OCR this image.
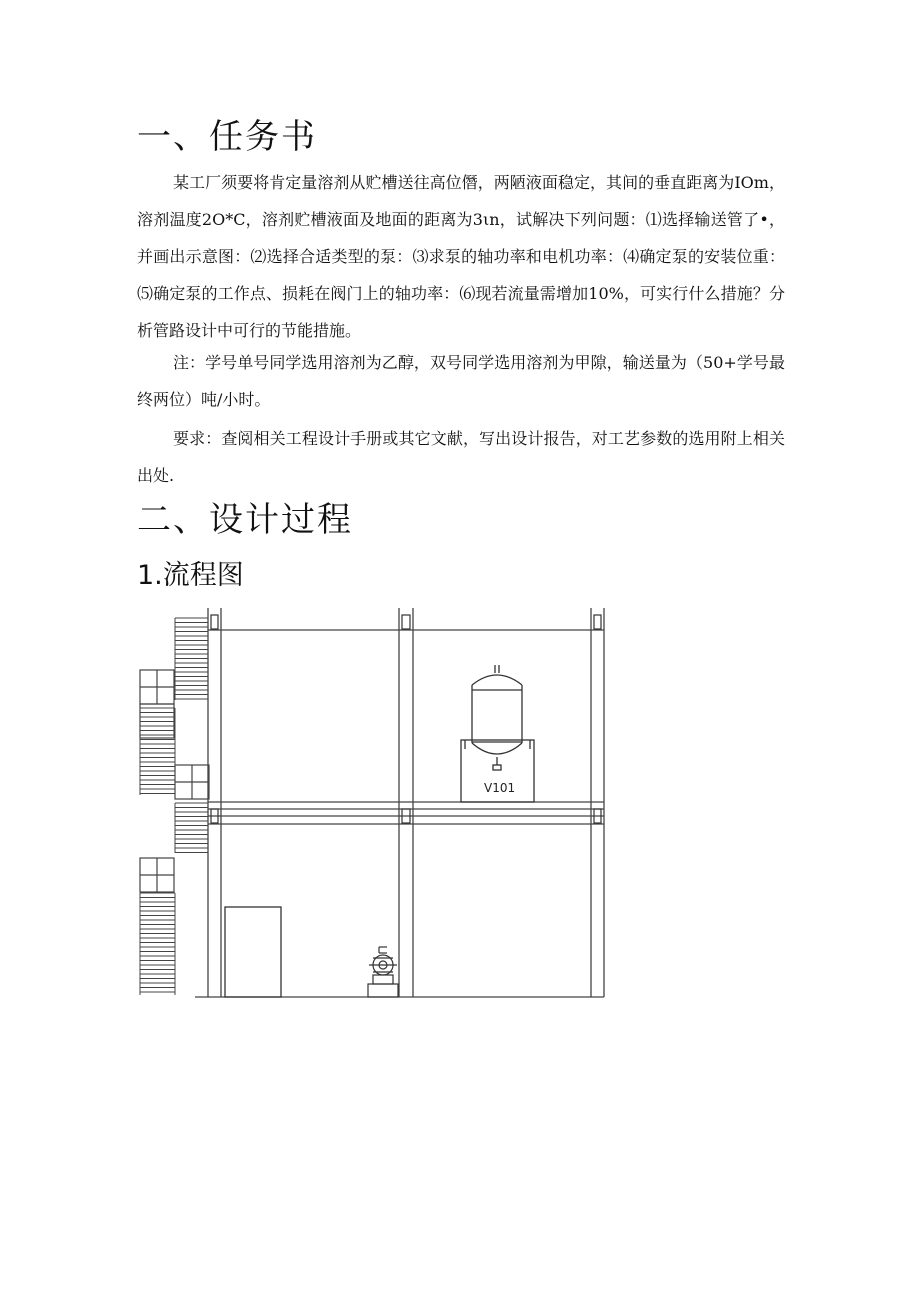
一、任务书

某工厂须要将肯定量溶剂从贮槽送往高位僭，两陋液面稳定，其间的垂直距离为IOm，溶剂温度2O*C，溶剂贮槽液面及地面的距离为3ιn，试解决下列问题：⑴选择输送管了•，并画出示意图：⑵选择合适类型的泵：⑶求泵的轴功率和电机功率：⑷确定泵的安装位重：⑸确定泵的工作点、损耗在阀门上的轴功率：⑹现若流量需增加10%，可实行什么措施？分析管路设计中可行的节能措施。

注：学号单号同学选用溶剂为乙醇，双号同学选用溶剂为甲隙，输送量为（50+学号最终两位）吨/小时。

要求：查阅相关工程设计手册或其它文献，写出设计报告，对工艺参数的选用附上相关出处.

二、设计过程
1.流程图
V101
